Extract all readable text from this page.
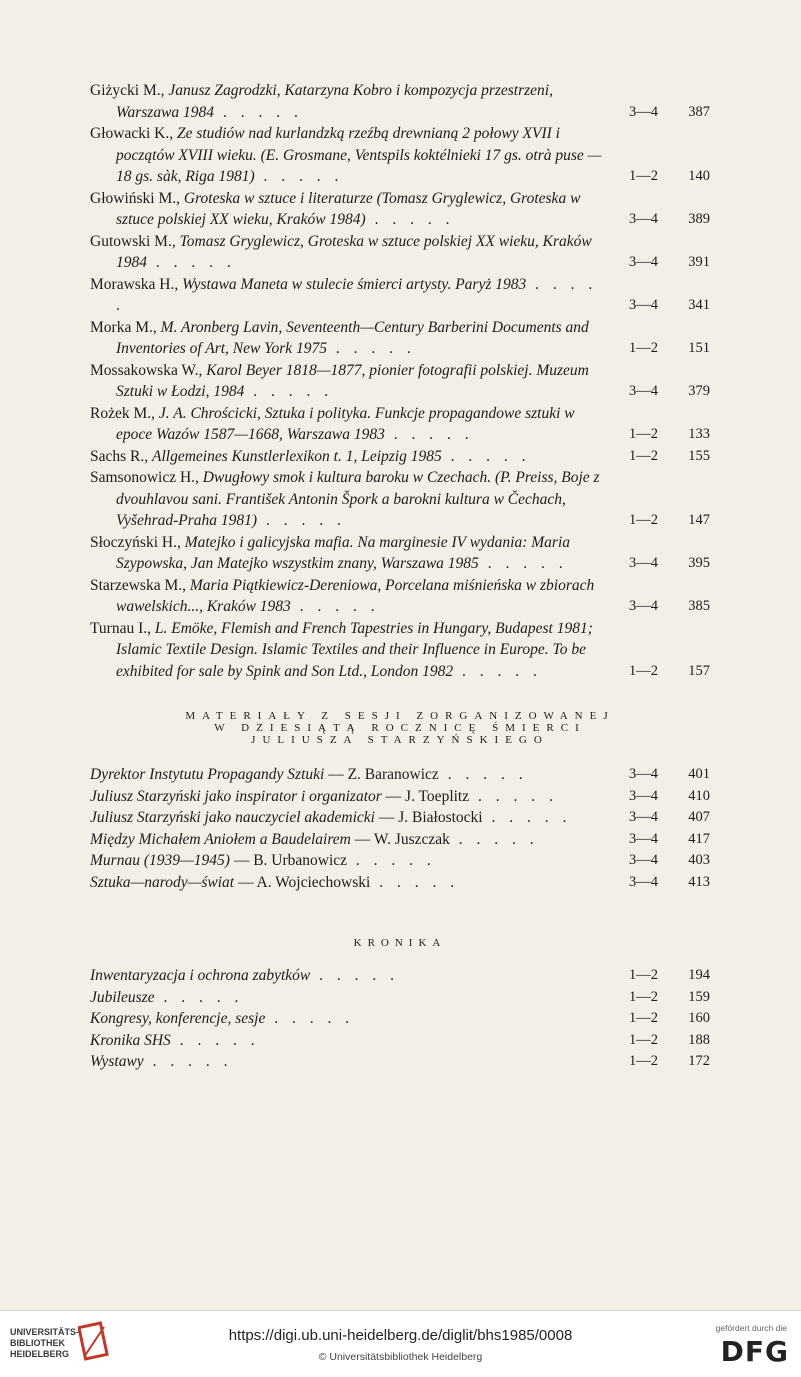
Giżycki M., Janusz Zagrodzki, Katarzyna Kobro i kompozycja przestrzeni, Warszawa 1984 . . . . .	3—4	387

Głowacki K., Ze studiów nad kurlandzką rzeźbą drewnianą 2 połowy XVII i początów XVIII wieku. (E. Grosmane, Ventspils koktélnieki 17 gs. otrà puse — 18 gs. sàk, Riga 1981) . . . . .	1—2	140

Głowiński M., Groteska w sztuce i literaturze (Tomasz Gryglewicz, Groteska w sztuce polskiej XX wieku, Kraków 1984) . . . . .	3—4	389

Gutowski M., Tomasz Gryglewicz, Groteska w sztuce polskiej XX wieku, Kraków 1984 . . . . .	3—4	391

Morawska H., Wystawa Maneta w stulecie śmierci artysty. Paryż 1983 . . . . .	3—4	341

Morka M., M. Aronberg Lavin, Seventeenth—Century Barberini Documents and Inventories of Art, New York 1975 . . . . .	1—2	151

Mossakowska W., Karol Beyer 1818—1877, pionier fotografii polskiej. Muzeum Sztuki w Łodzi, 1984 . . . . .	3—4	379

Rożek M., J. A. Chrościcki, Sztuka i polityka. Funkcje propagandowe sztuki w epoce Wazów 1587—1668, Warszawa 1983 . . . . .	1—2	133

Sachs R., Allgemeines Kunstlerlexikon t. 1, Leipzig 1985 . . . . .	1—2	155

Samsonowicz H., Dwugłowy smok i kultura baroku w Czechach. (P. Preiss, Boje z dvouhlavou sani. František Antonin Špork a barokni kultura w Čechach, Vyšehrad-Praha 1981) . . . . .	1—2	147

Słoczyński H., Matejko i galicyjska mafia. Na marginesie IV wydania: Maria Szypowska, Jan Matejko wszystkim znany, Warszawa 1985 . . . . .	3—4	395

Starzewska M., Maria Piątkiewicz-Dereniowa, Porcelana miśnieńska w zbiorach wawelskich..., Kraków 1983 . . . . .	3—4	385

Turnau I., L. Emöke, Flemish and French Tapestries in Hungary, Budapest 1981; Islamic Textile Design. Islamic Textiles and their Influence in Europe. To be exhibited for sale by Spink and Son Ltd., London 1982 . . . . .	1—2	157

MATERIAŁY Z SESJI ZORGANIZOWANEJ
W DZIESIĄTĄ ROCZNICĘ ŚMIERCI
JULIUSZA STARZYŃSKIEGO

Dyrektor Instytutu Propagandy Sztuki — Z. Baranowicz . . . . .	3—4	401

Juliusz Starzyński jako inspirator i organizator — J. Toeplitz . . . . .	3—4	410

Juliusz Starzyński jako nauczyciel akademicki — J. Białostocki . . . . .	3—4	407

Między Michałem Aniołem a Baudelairem — W. Juszczak . . . . .	3—4	417

Murnau (1939—1945) — B. Urbanowicz . . . . .	3—4	403

Sztuka—narody—świat — A. Wojciechowski . . . . .	3—4	413

KRONIKA

Inwentaryzacja i ochrona zabytków . . . . .	1—2	194

Jubileusze . . . . .	1—2	159

Kongresy, konferencje, sesje . . . . .	1—2	160

Kronika SHS . . . . .	1—2	188

Wystawy . . . . .	1—2	172

UNIVERSITÄTS-
BIBLIOTHEK
HEIDELBERG
https://digi.ub.uni-heidelberg.de/diglit/bhs1985/0008
© Universitätsbibliothek Heidelberg
gefördert durch die
DFG
